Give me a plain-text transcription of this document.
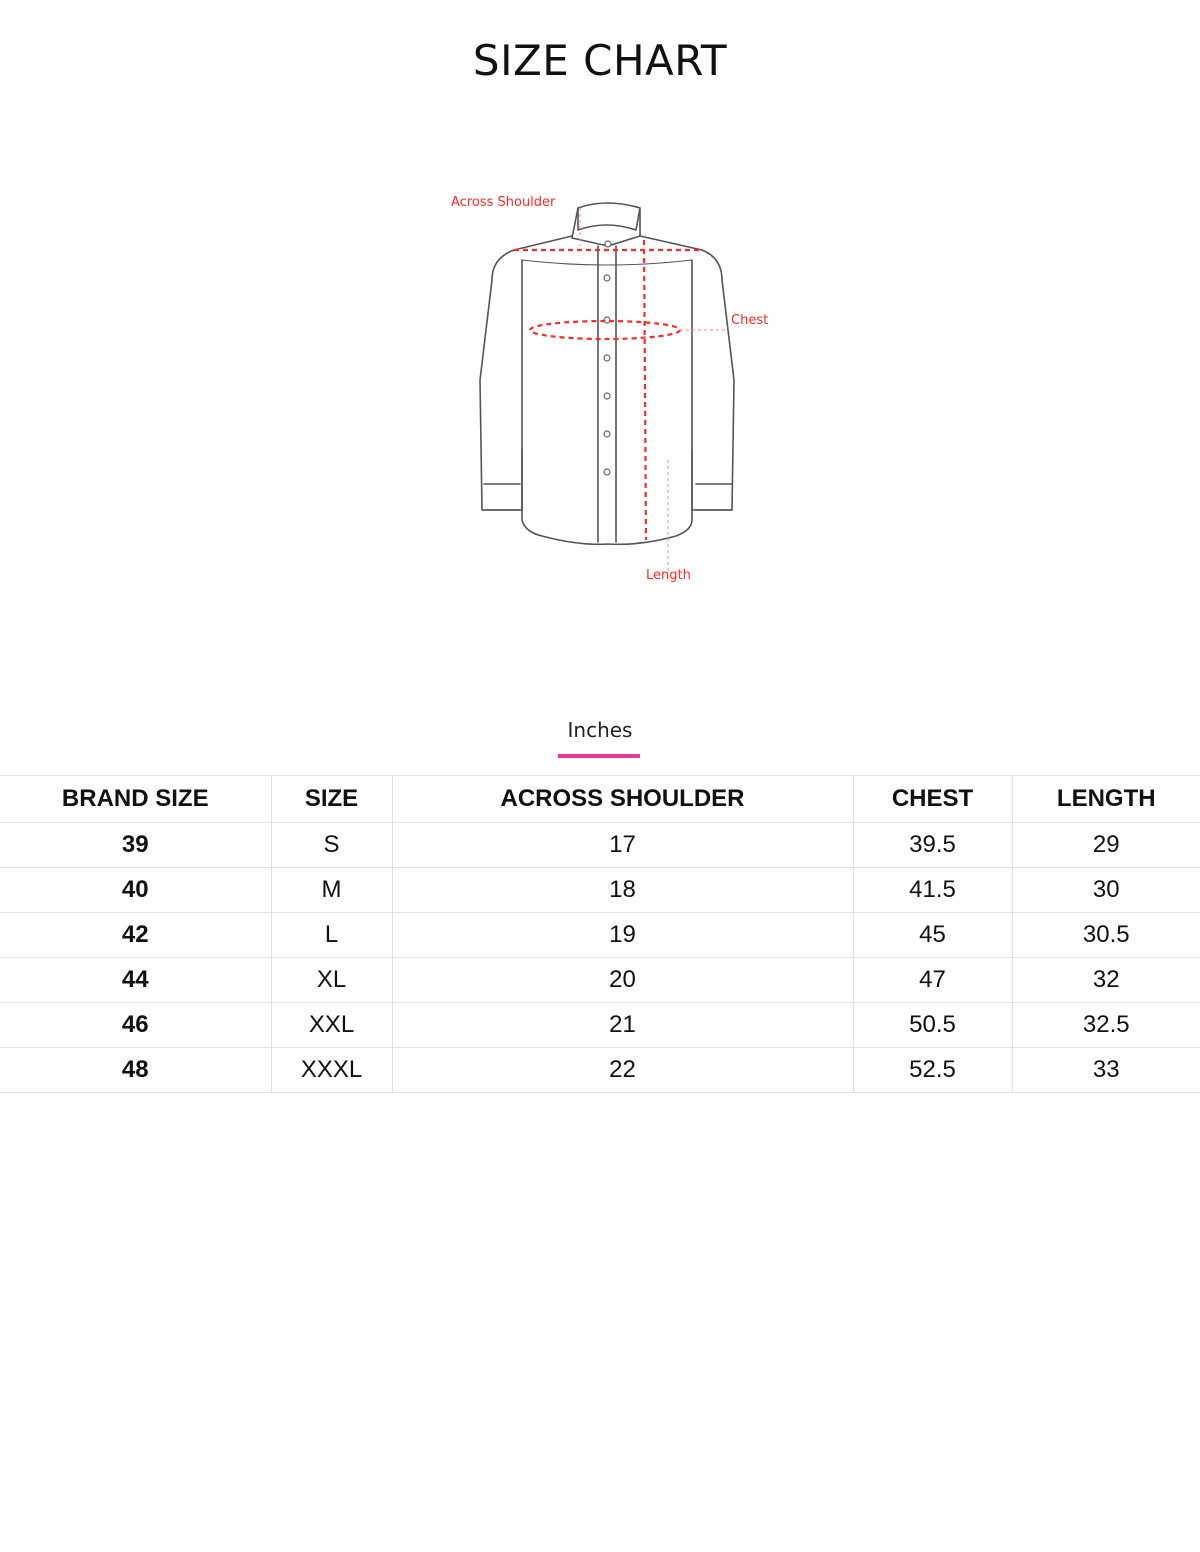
SIZE CHART
Across Shoulder
Chest
Length
Inches
BRAND SIZE	SIZE	ACROSS SHOULDER	CHEST	LENGTH
39	S	17	39.5	29
40	M	18	41.5	30
42	L	19	45	30.5
44	XL	20	47	32
46	XXL	21	50.5	32.5
48	XXXL	22	52.5	33
